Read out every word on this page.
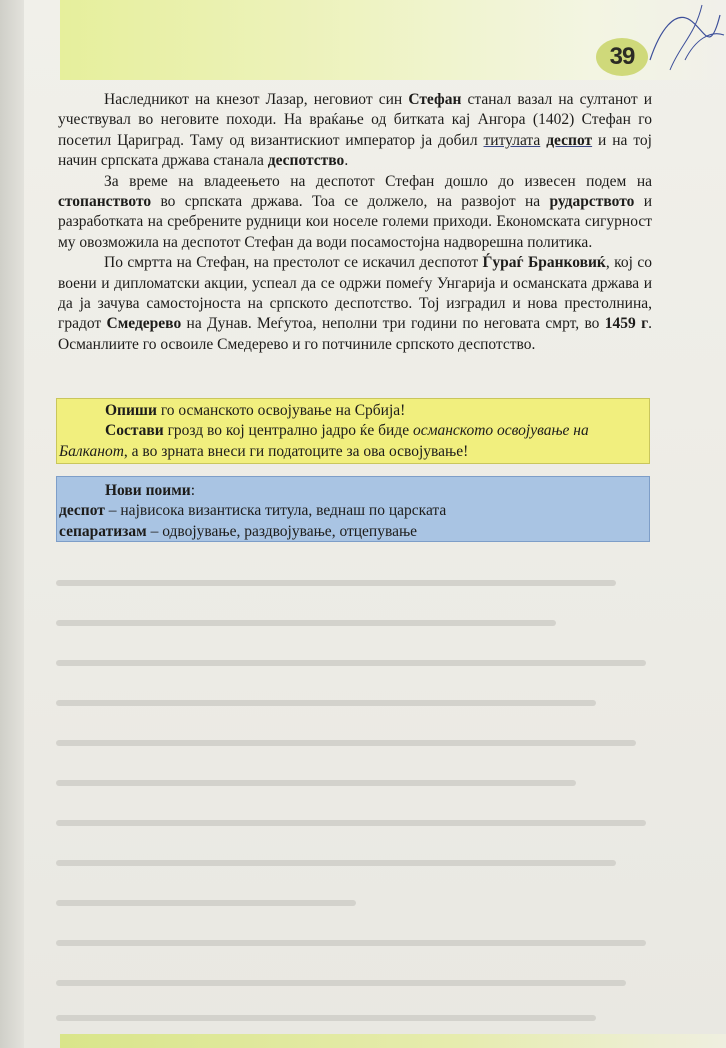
39

Наследникот на кнезот Лазар, неговиот син Стефан станал вазал на султанот и учествувал во неговите походи. На враќање од битката кај Ангора (1402) Стефан го посетил Цариград. Таму од византискиот император ја добил титулата деспот и на тој начин српската држава станала деспотство.

За време на владеењето на деспотот Стефан дошло до извесен подем на стопанството во српската држава. Тоа се должело, на развојот на рударството и разработката на сребрените рудници кои носеле големи приходи. Економската сигурност му овозможила на деспотот Стефан да води посамостојна надворешна политика.

По смртта на Стефан, на престолот се искачил деспотот Ѓураѓ Бранковиќ, кој со воени и дипломатски акции, успеал да се одржи помеѓу Унгарија и османската држава и да ја зачува самостојноста на српското деспотство. Тој изградил и нова престолнина, градот Смедерево на Дунав. Меѓутоа, неполни три години по неговата смрт, во 1459 г. Османлиите го освоиле Смедерево и го потчиниле српското деспотство.

Опиши го османското освојување на Србија!

Состави грозд во кој централно јадро ќе биде османското освојување на Балканот, а во зрната внеси ги податоците за ова освојување!

Нови поими:

деспот – највисока византиска титула, веднаш по царската

сепаратизам – одвојување, раздвојување, отцепување
